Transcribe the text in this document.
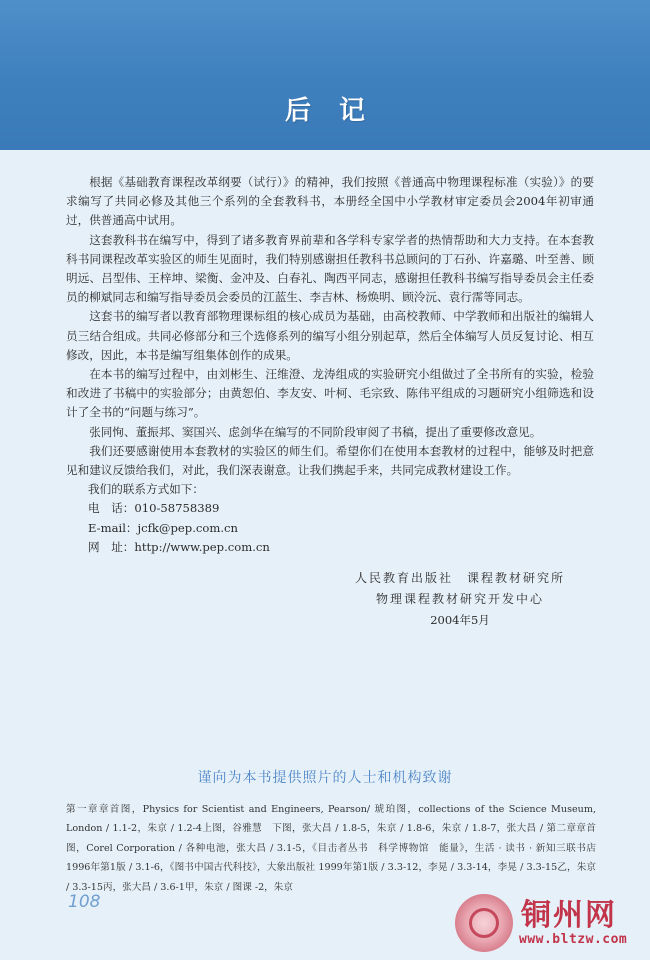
后记

根据《基础教育课程改革纲要（试行）》的精神，我们按照《普通高中物理课程标准（实验）》的要求编写了共同必修及其他三个系列的全套教科书，本册经全国中小学教材审定委员会2004年初审通过，供普通高中试用。

这套教科书在编写中，得到了诸多教育界前辈和各学科专家学者的热情帮助和大力支持。在本套教科书同课程改革实验区的师生见面时，我们特别感谢担任教科书总顾问的丁石孙、许嘉璐、叶至善、顾明远、吕型伟、王梓坤、梁衡、金冲及、白春礼、陶西平同志，感谢担任教科书编写指导委员会主任委员的柳斌同志和编写指导委员会委员的江蓝生、李吉林、杨焕明、顾泠沅、袁行霈等同志。

这套书的编写者以教育部物理课标组的核心成员为基础，由高校教师、中学教师和出版社的编辑人员三结合组成。共同必修部分和三个选修系列的编写小组分别起草，然后全体编写人员反复讨论、相互修改，因此，本书是编写组集体创作的成果。

在本书的编写过程中，由刘彬生、汪维澄、龙涛组成的实验研究小组做过了全书所有的实验，检验和改进了书稿中的实验部分；由黄恕伯、李友安、叶柯、毛宗致、陈伟平组成的习题研究小组筛选和设计了全书的“问题与练习”。

张同恂、董振邦、窦国兴、虑剑华在编写的不同阶段审阅了书稿，提出了重要修改意见。

我们还要感谢使用本套教材的实验区的师生们。希望你们在使用本套教材的过程中，能够及时把意见和建议反馈给我们，对此，我们深表谢意。让我们携起手来，共同完成教材建设工作。

我们的联系方式如下：
电　话：010-58758389
E-mail：jcfk@pep.com.cn
网　址：http://www.pep.com.cn
人民教育出版社　课程教材研究所
物理课程教材研究开发中心
2004年5月
谨向为本书提供照片的人士和机构致谢
第一章章首图，Physics for Scientist and Engineers, Pearson/ 琥珀图，collections of the Science Museum, London / 1.1-2，朱京 / 1.2-4上图，谷雅慧　下图，张大昌 / 1.8-5，朱京 / 1.8-6，朱京 / 1.8-7，张大昌 / 第二章章首图，Corel Corporation / 各种电池，张大昌 / 3.1-5，《目击者丛书　科学博物馆　能量》，生活 · 读书 · 新知三联书店 1996年第1版 / 3.1-6，《图书中国古代科技》，大象出版社 1999年第1版 / 3.3-12，李晃 / 3.3-14，李晃 / 3.3-15乙，朱京 / 3.3-15丙，张大昌 / 3.6-1甲，朱京 / 图课 -2，朱京
108	铜州网
www.bltzw.com
